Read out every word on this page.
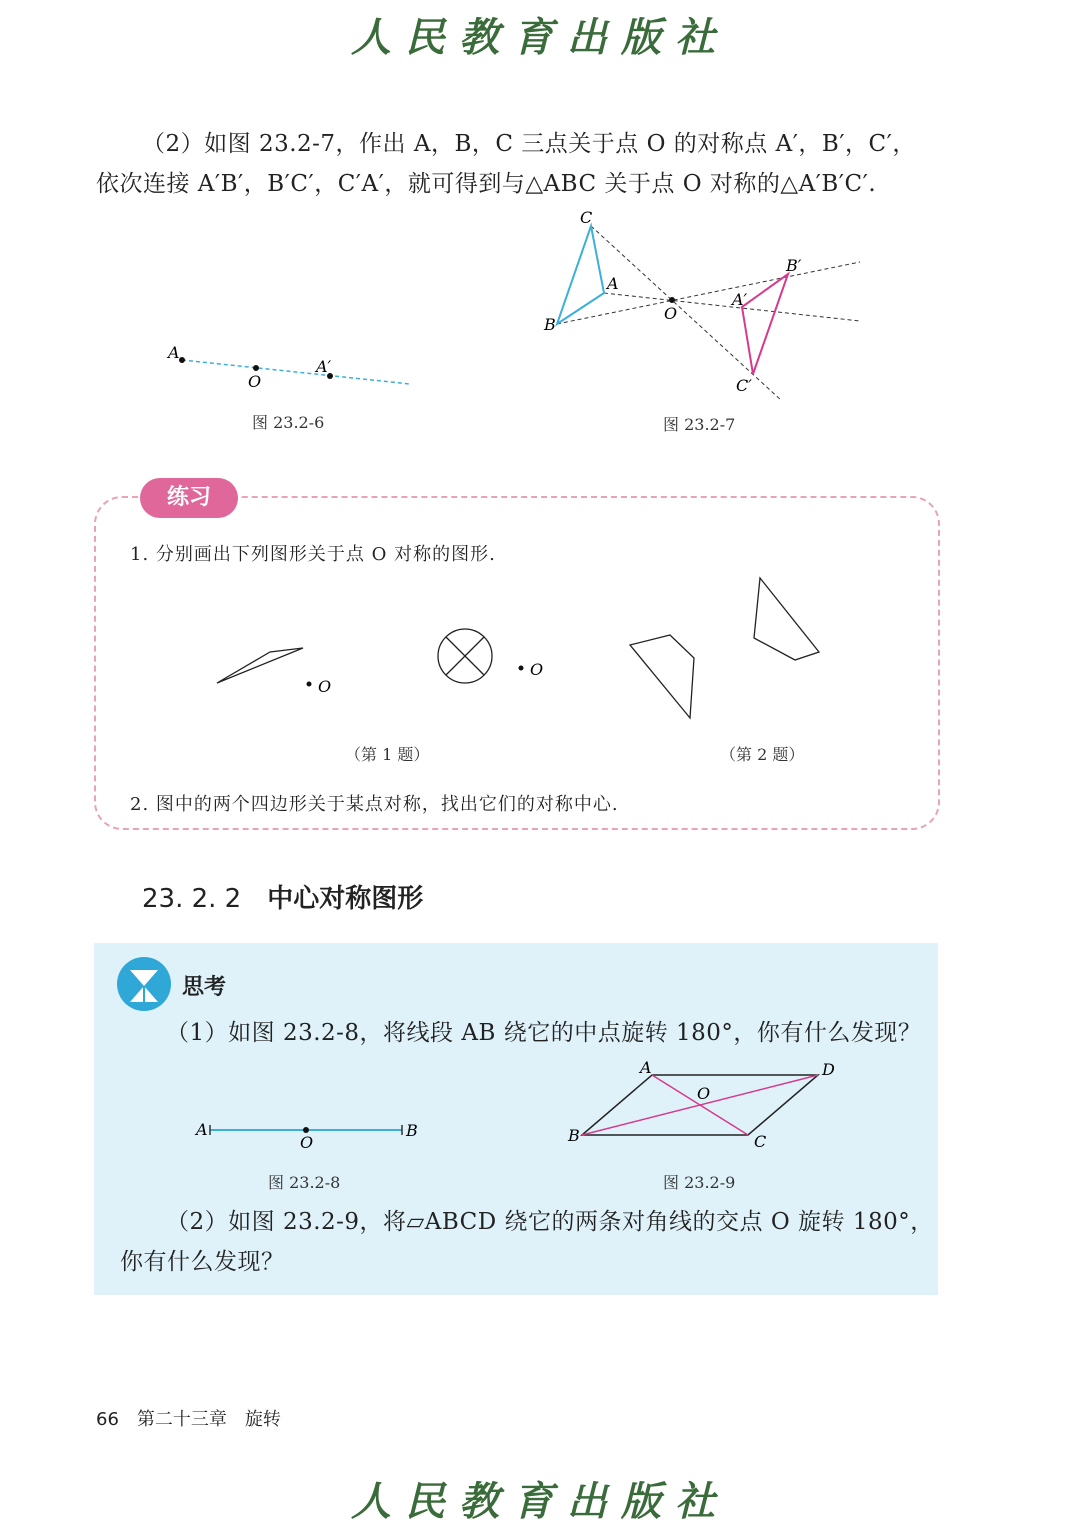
人民教育出版社
（2）如图 23.2-7，作出 A，B，C 三点关于点 O 的对称点 A′，B′，C′，
依次连接 A′B′，B′C′，C′A′，就可得到与△ABC 关于点 O 对称的△A′B′C′.
A
O
A′
图 23.2-6
C
A
B
O
A′
B′
C′
图 23.2-7
练习
1. 分别画出下列图形关于点 O 对称的图形.
O
O
（第 1 题）	（第 2 题）
2. 图中的两个四边形关于某点对称，找出它们的对称中心.
23. 2. 2 中心对称图形
思考
（1）如图 23.2-8，将线段 AB 绕它的中点旋转 180°，你有什么发现？
A
O
B
图 23.2-8
A	D
B	C
O
图 23.2-9
（2）如图 23.2-9，将▱ABCD 绕它的两条对角线的交点 O 旋转 180°，
你有什么发现？
66 第二十三章　旋转
人民教育出版社
